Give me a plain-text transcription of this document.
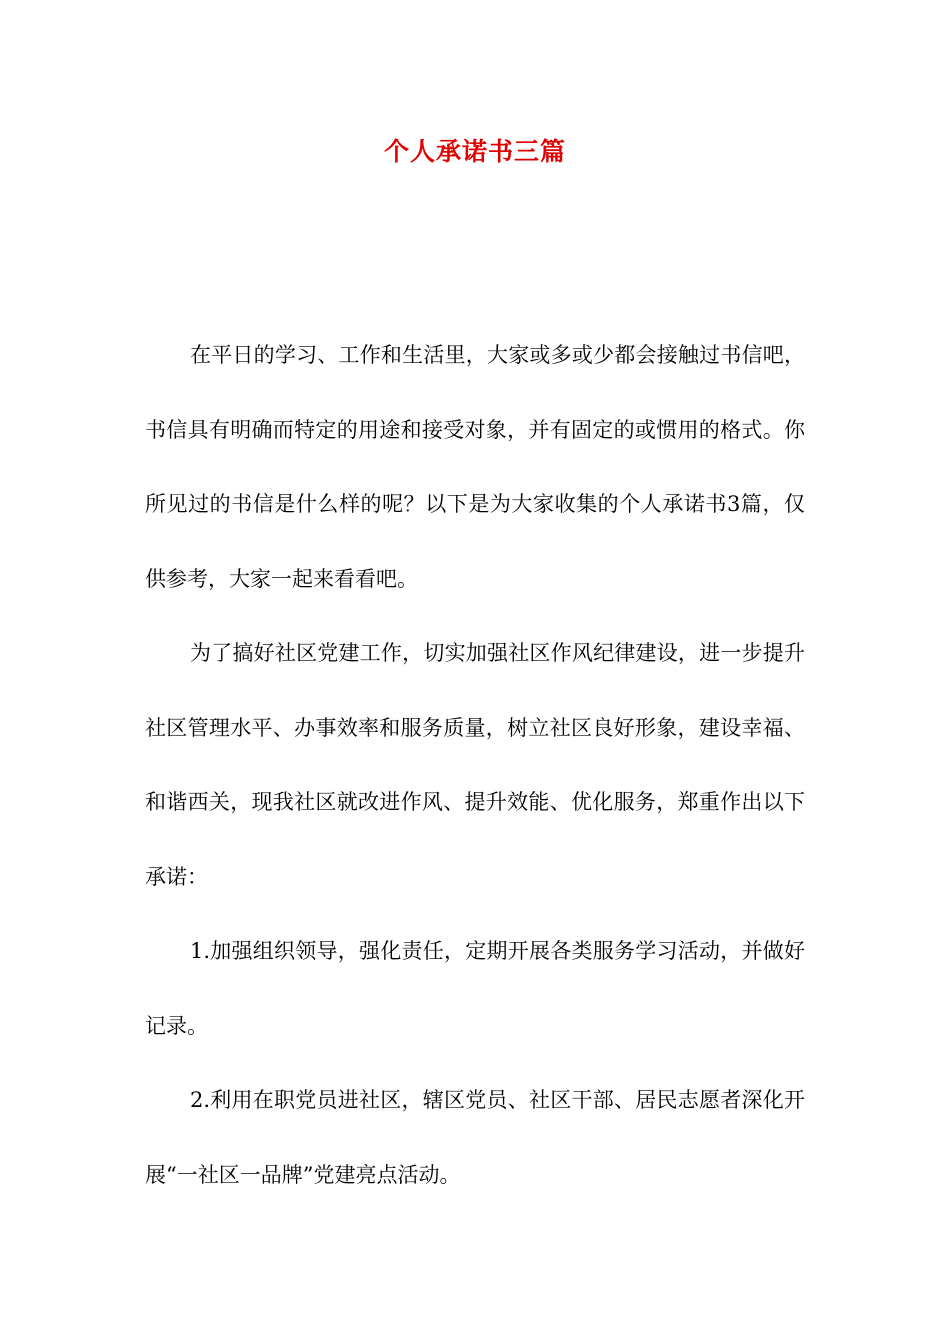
个人承诺书三篇

在平日的学习、工作和生活里，大家或多或少都会接触过书信吧，书信具有明确而特定的用途和接受对象，并有固定的或惯用的格式。你所见过的书信是什么样的呢？以下是为大家收集的个人承诺书3篇，仅供参考，大家一起来看看吧。

为了搞好社区党建工作，切实加强社区作风纪律建设，进一步提升社区管理水平、办事效率和服务质量，树立社区良好形象，建设幸福、和谐西关，现我社区就改进作风、提升效能、优化服务，郑重作出以下承诺：

1.加强组织领导，强化责任，定期开展各类服务学习活动，并做好记录。

2.利用在职党员进社区，辖区党员、社区干部、居民志愿者深化开展“一社区一品牌”党建亮点活动。
